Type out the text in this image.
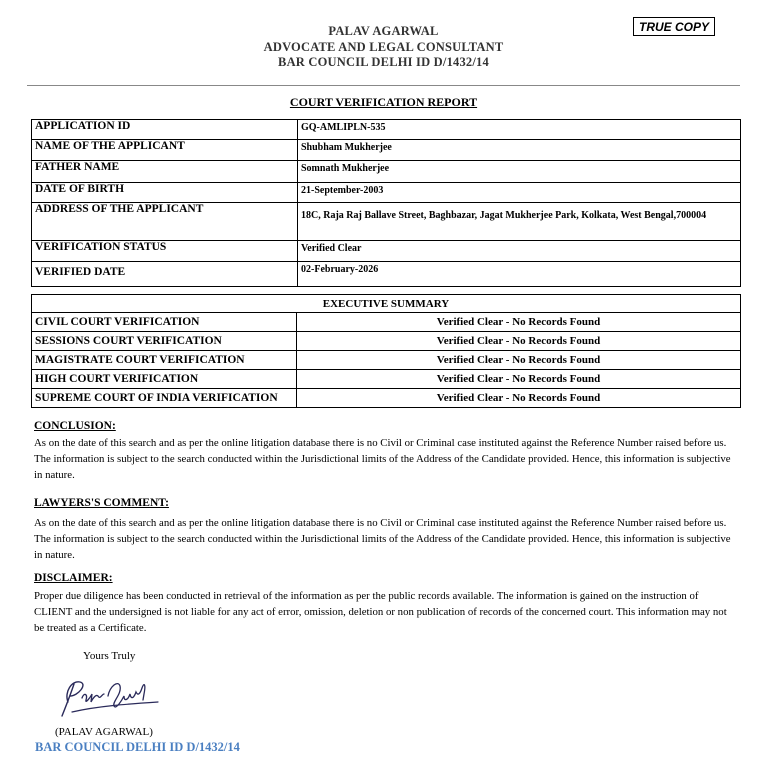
PALAV AGARWAL
ADVOCATE AND LEGAL CONSULTANT
BAR COUNCIL DELHI ID D/1432/14
TRUE COPY
COURT VERIFICATION REPORT
APPLICATION ID	GQ-AMLIPLN-535
NAME OF THE APPLICANT	Shubham Mukherjee
FATHER NAME	Somnath Mukherjee
DATE OF BIRTH	21-September-2003
ADDRESS OF THE APPLICANT	18C, Raja Raj Ballave Street, Baghbazar, Jagat Mukherjee Park, Kolkata, West Bengal,700004
VERIFICATION STATUS	Verified Clear
VERIFIED DATE	02-February-2026
EXECUTIVE SUMMARY	
CIVIL COURT VERIFICATION	Verified Clear - No Records Found
SESSIONS COURT VERIFICATION	Verified Clear - No Records Found
MAGISTRATE COURT VERIFICATION	Verified Clear - No Records Found
HIGH COURT VERIFICATION	Verified Clear - No Records Found
SUPREME COURT OF INDIA VERIFICATION	Verified Clear - No Records Found
CONCLUSION:
As on the date of this search and as per the online litigation database there is no Civil or Criminal case instituted against the Reference Number raised before us. The information is subject to the search conducted within the Jurisdictional limits of the Address of the Candidate provided. Hence, this information is subjective in nature.
LAWYERS'S COMMENT:
As on the date of this search and as per the online litigation database there is no Civil or Criminal case instituted against the Reference Number raised before us. The information is subject to the search conducted within the Jurisdictional limits of the Address of the Candidate provided. Hence, this information is subjective in nature.
DISCLAIMER:
Proper due diligence has been conducted in retrieval of the information as per the public records available. The information is gained on the instruction of CLIENT and the undersigned is not liable for any act of error, omission, deletion or non publication of records of the concerned court. This information may not be treated as a Certificate.
Yours Truly
(PALAV AGARWAL)
BAR COUNCIL DELHI ID D/1432/14
